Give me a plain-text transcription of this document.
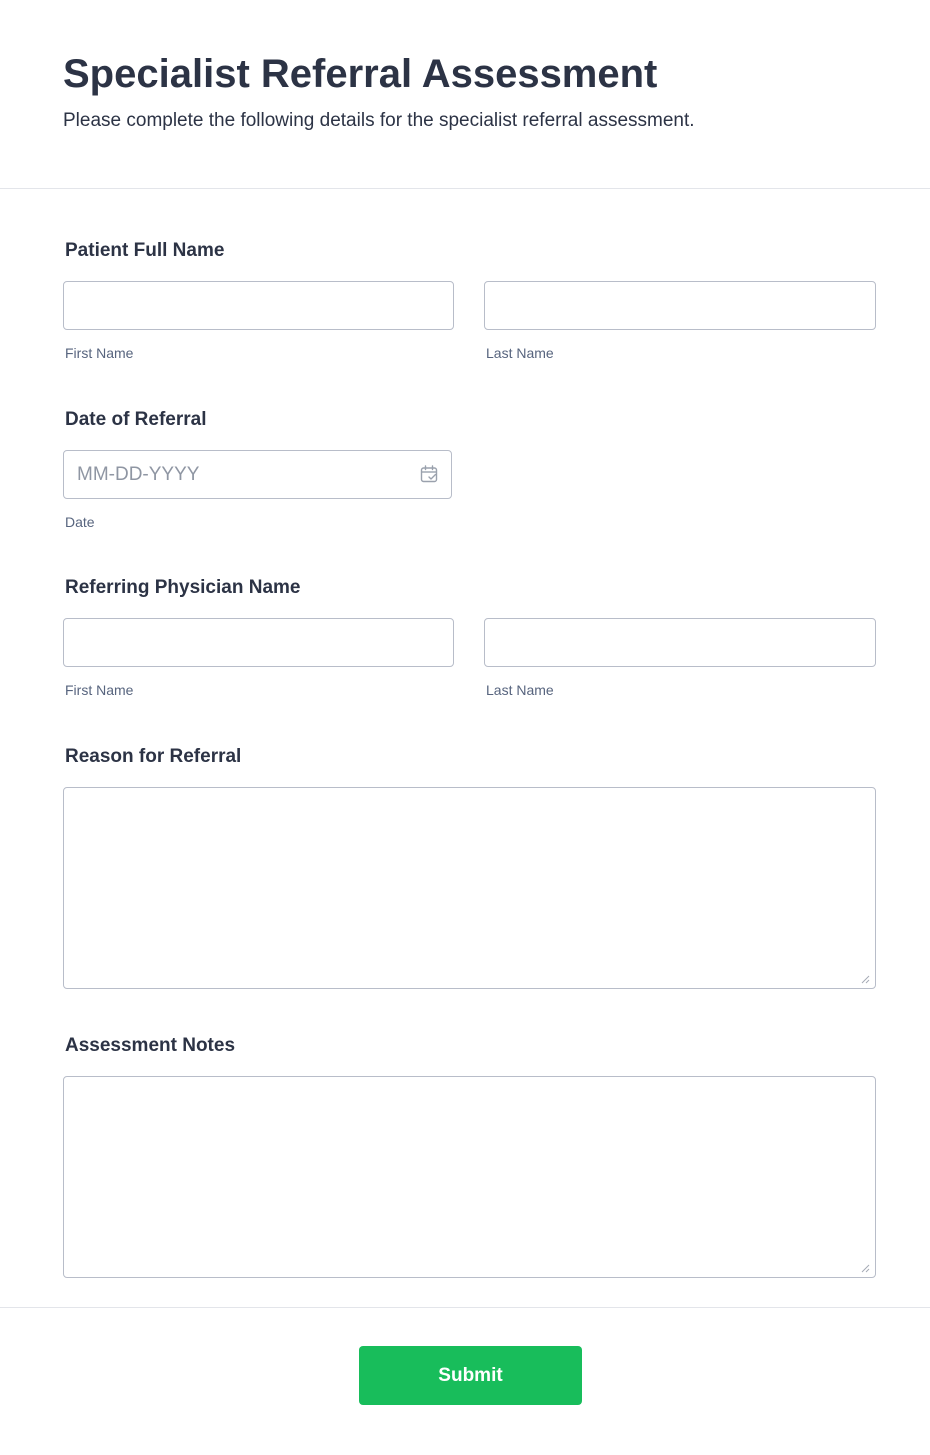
Specialist Referral Assessment

Please complete the following details for the specialist referral assessment.

Patient Full Name
First Name	Last Name
Date of Referral
MM-DD-YYYY
Date
Referring Physician Name
First Name	Last Name
Reason for Referral
Assessment Notes
Submit
